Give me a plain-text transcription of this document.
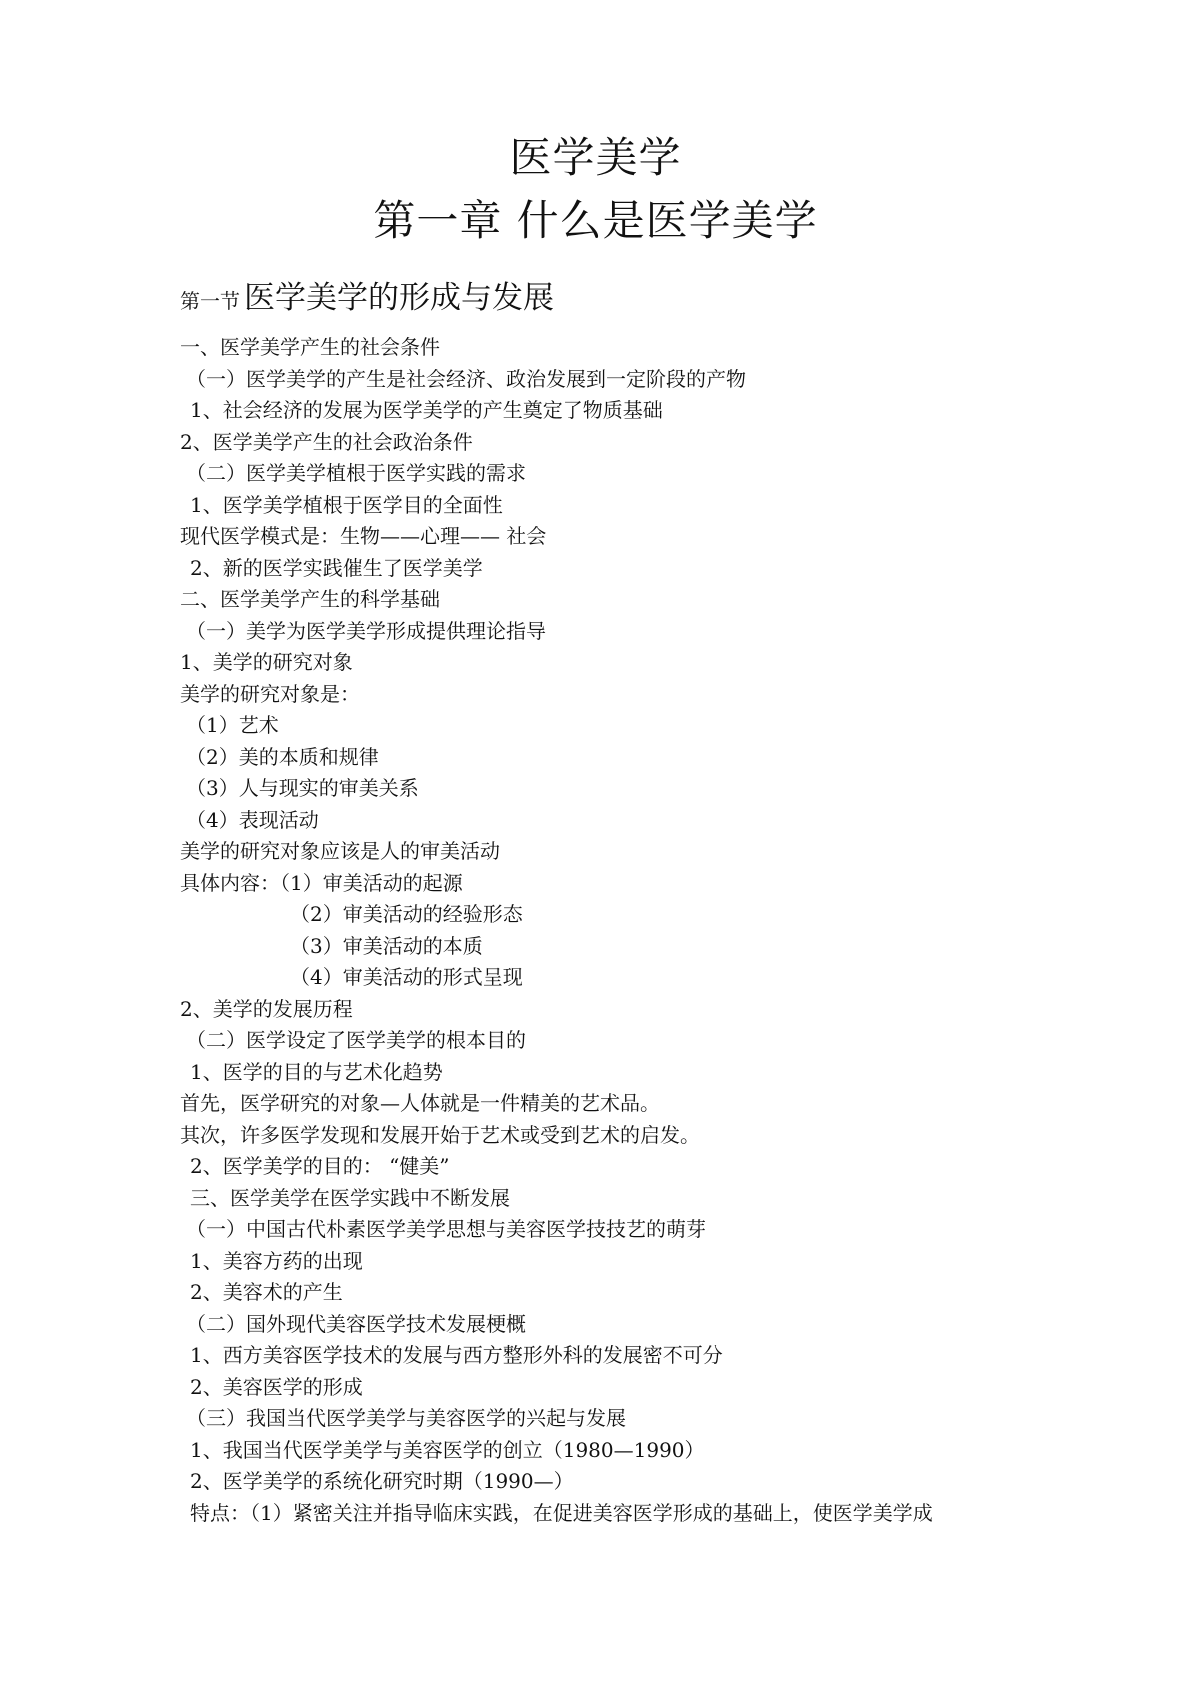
医学美学
第一章 什么是医学美学
第一节 医学美学的形成与发展
一、医学美学产生的社会条件
（一）医学美学的产生是社会经济、政治发展到一定阶段的产物
1、社会经济的发展为医学美学的产生奠定了物质基础
2、医学美学产生的社会政治条件
（二）医学美学植根于医学实践的需求
1、医学美学植根于医学目的全面性
现代医学模式是：生物——心理—— 社会
2、新的医学实践催生了医学美学
二、医学美学产生的科学基础
（一）美学为医学美学形成提供理论指导
1、美学的研究对象
美学的研究对象是：
（1）艺术
（2）美的本质和规律
（3）人与现实的审美关系
（4）表现活动
美学的研究对象应该是人的审美活动
具体内容：（1）审美活动的起源
（2）审美活动的经验形态
（3）审美活动的本质
（4）审美活动的形式呈现
2、美学的发展历程
（二）医学设定了医学美学的根本目的
1、医学的目的与艺术化趋势
首先，医学研究的对象—人体就是一件精美的艺术品。
其次，许多医学发现和发展开始于艺术或受到艺术的启发。
2、医学美学的目的： “健美”
三、医学美学在医学实践中不断发展
（一）中国古代朴素医学美学思想与美容医学技技艺的萌芽
1、美容方药的出现
2、美容术的产生
（二）国外现代美容医学技术发展梗概
1、西方美容医学技术的发展与西方整形外科的发展密不可分
2、美容医学的形成
（三）我国当代医学美学与美容医学的兴起与发展
1、我国当代医学美学与美容医学的创立（1980—1990）
2、医学美学的系统化研究时期（1990—）
特点：（1）紧密关注并指导临床实践，在促进美容医学形成的基础上，使医学美学成
